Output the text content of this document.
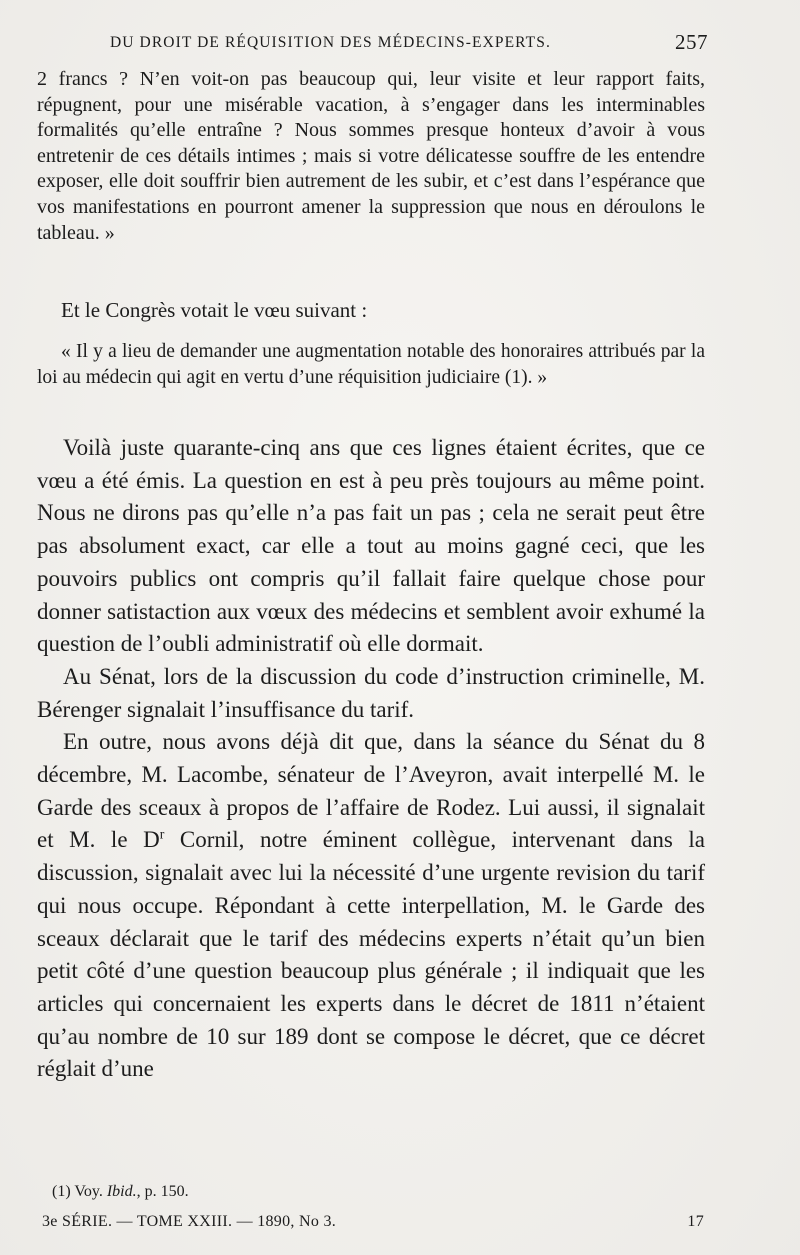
DU DROIT DE RÉQUISITION DES MÉDECINS-EXPERTS.	257

2 francs ? N’en voit-on pas beaucoup qui, leur visite et leur rapport faits, répugnent, pour une misérable vacation, à s’engager dans les interminables formalités qu’elle entraîne ? Nous sommes presque honteux d’avoir à vous entretenir de ces détails intimes ; mais si votre délicatesse souffre de les entendre exposer, elle doit souffrir bien autrement de les subir, et c’est dans l’espérance que vos manifestations en pourront amener la suppression que nous en déroulons le tableau. »

Et le Congrès votait le vœu suivant :

« Il y a lieu de demander une augmentation notable des honoraires attribués par la loi au médecin qui agit en vertu d’une réquisition judiciaire (1). »

Voilà juste quarante-cinq ans que ces lignes étaient écrites, que ce vœu a été émis. La question en est à peu près toujours au même point. Nous ne dirons pas qu’elle n’a pas fait un pas ; cela ne serait peut être pas absolument exact, car elle a tout au moins gagné ceci, que les pouvoirs publics ont compris qu’il fallait faire quelque chose pour donner satistaction aux vœux des médecins et semblent avoir exhumé la question de l’oubli administratif où elle dormait.

Au Sénat, lors de la discussion du code d’instruction criminelle, M. Bérenger signalait l’insuffisance du tarif.

En outre, nous avons déjà dit que, dans la séance du Sénat du 8 décembre, M. Lacombe, sénateur de l’Aveyron, avait interpellé M. le Garde des sceaux à propos de l’affaire de Rodez. Lui aussi, il signalait et M. le $D^r$ Cornil, notre éminent collègue, intervenant dans la discussion, signalait avec lui la nécessité d’une urgente revision du tarif qui nous occupe. Répondant à cette interpellation, M. le Garde des sceaux déclarait que le tarif des médecins experts n’était qu’un bien petit côté d’une question beaucoup plus générale ; il indiquait que les articles qui concernaient les experts dans le décret de 1811 n’étaient qu’au nombre de 10 sur 189 dont se compose le décret, que ce décret réglait d’une

(1) Voy. Ibid., p. 150.
3e SÉRIE. — TOME XXIII. — 1890, No 3.	17
